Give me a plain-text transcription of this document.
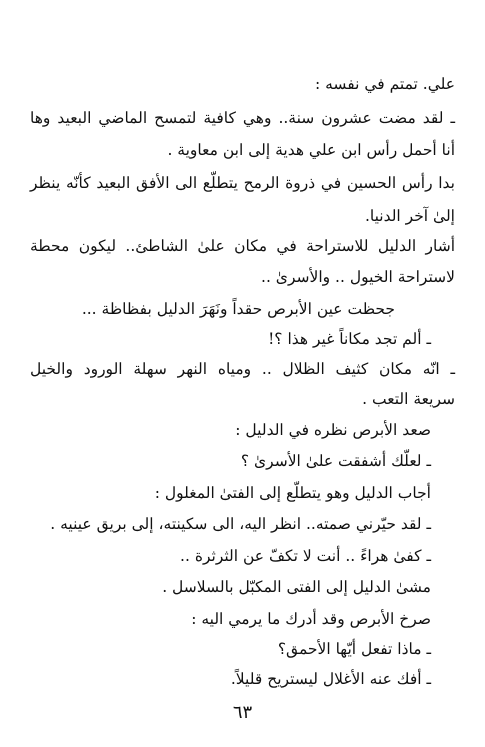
علي. تمتم في نفسه :
ـ لقد مضت عشرون سنة.. وهي كافية لتمسح الماضي البعيد وها
أنا أحمل رأس ابن علي هدية إلى ابن معاوية .
بدا رأس الحسين في ذروة الرمح يتطلّع الى الأفق البعيد كأنّه ينظر
إلىٰ آخر الدنيا.
أشار الدليل للاستراحة في مكان علىٰ الشاطئ.. ليكون محطة
لاستراحة الخيول .. والأسرىٰ ..
جحظت عين الأبرص حقداً ونَهَرَ الدليل بفظاظة ...
ـ ألم تجد مكاناً غير هذا ؟!
ـ انّه مكان كثيف الظلال .. ومياه النهر سهلة الورود والخيل
سريعة التعب .
صعد الأبرص نظره في الدليل :
ـ لعلّك أشفقت علىٰ الأسرىٰ ؟
أجاب الدليل وهو يتطلّع إلى الفتىٰ المغلول :
ـ لقد حيّرني صمته.. انظر اليه، الى سكينته، إلى بريق عينيه .
ـ كفىٰ هراءً .. أنت لا تكفّ عن الثرثرة ..
مشىٰ الدليل إلى الفتى المكبّل بالسلاسل .
صرخ الأبرص وقد أدرك ما يرمي اليه :
ـ ماذا تفعل أيّها الأحمق؟
ـ أفك عنه الأغلال ليستريح قليلاً.
٦٣
